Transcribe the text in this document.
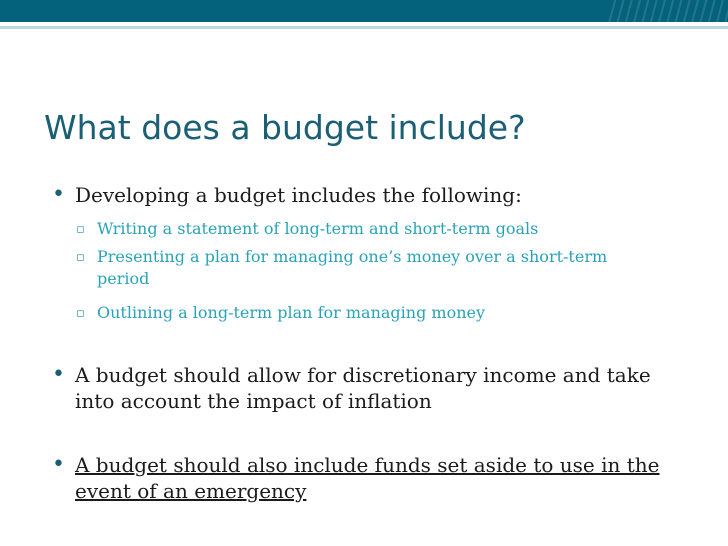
What does a budget include?
• Developing a budget includes the following:
▫ Writing a statement of long-term and short-term goals
▫ Presenting a plan for managing one’s money over a short-term period
▫ Outlining a long-term plan for managing money
• A budget should allow for discretionary income and take into account the impact of inflation
• A budget should also include funds set aside to use in the event of an emergency
